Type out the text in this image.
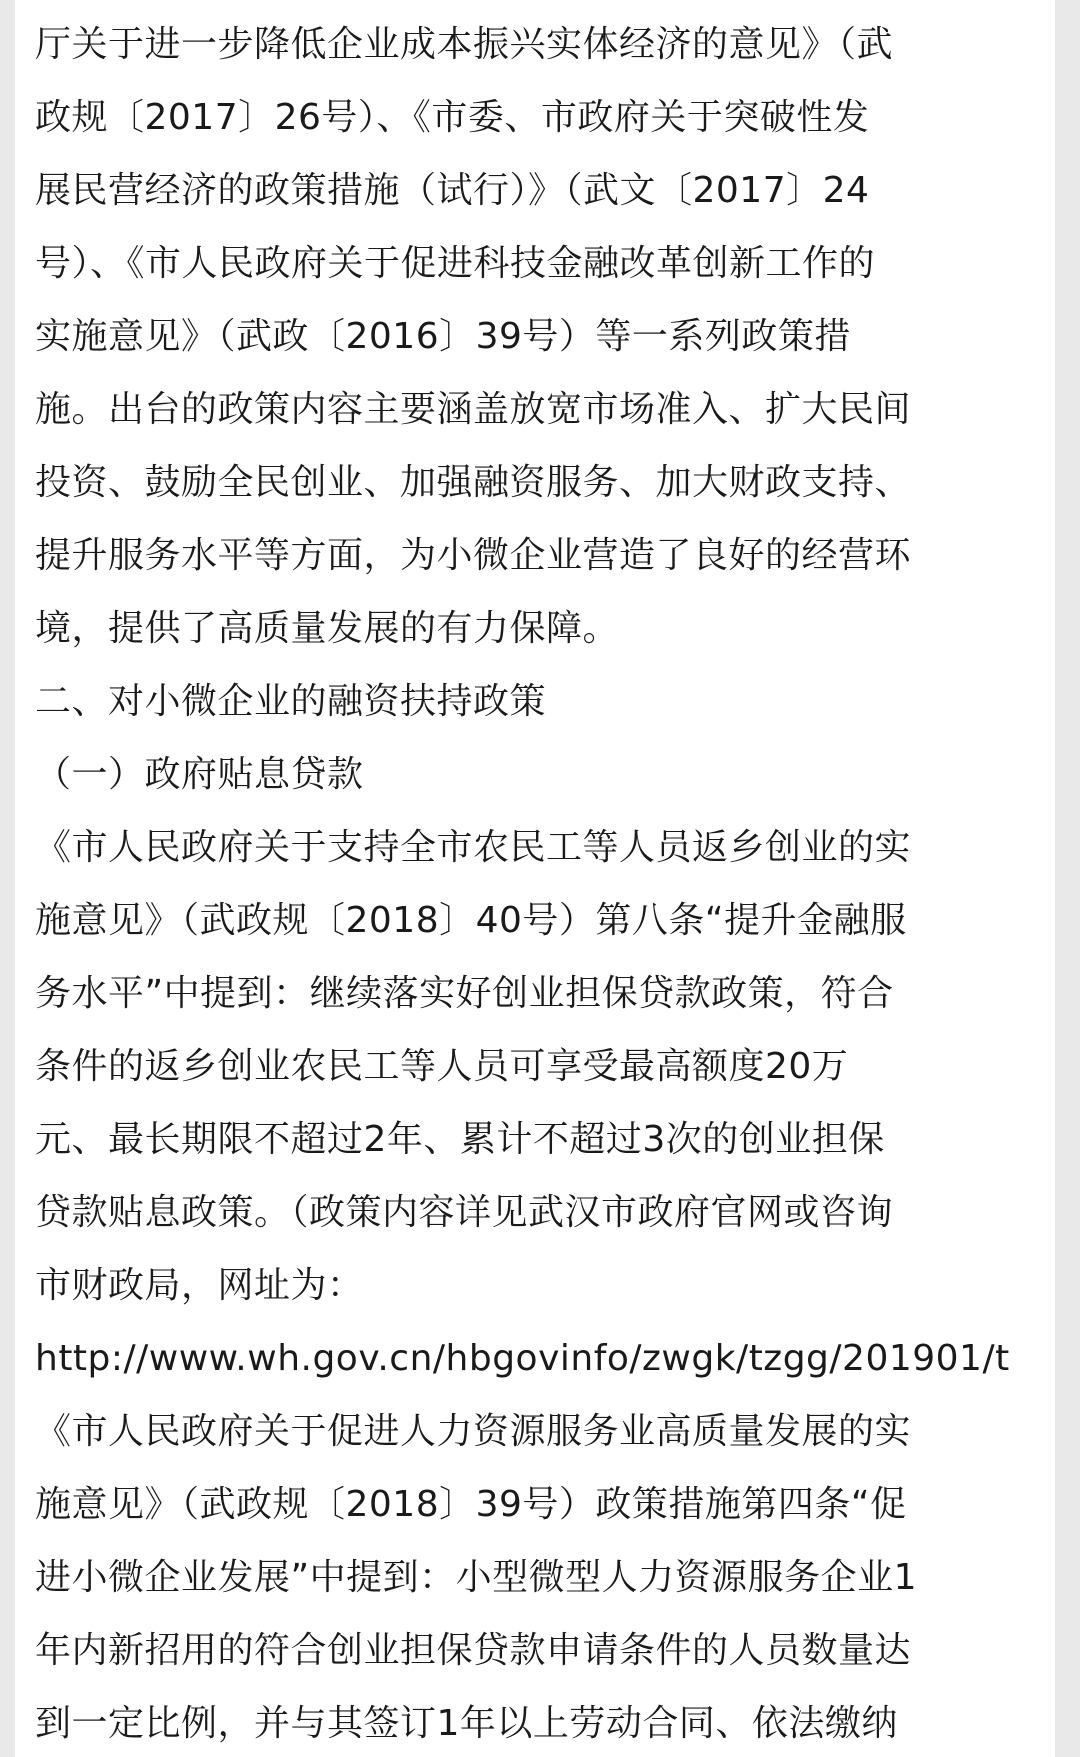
厅关于进一步降低企业成本振兴实体经济的意见》（武
政规〔2017〕26号）、《市委、市政府关于突破性发
展民营经济的政策措施（试行）》（武文〔2017〕24
号）、《市人民政府关于促进科技金融改革创新工作的
实施意见》（武政〔2016〕39号）等一系列政策措
施。出台的政策内容主要涵盖放宽市场准入、扩大民间
投资、鼓励全民创业、加强融资服务、加大财政支持、
提升服务水平等方面，为小微企业营造了良好的经营环
境，提供了高质量发展的有力保障。
二、对小微企业的融资扶持政策
（一）政府贴息贷款
《市人民政府关于支持全市农民工等人员返乡创业的实
施意见》（武政规〔2018〕40号）第八条“提升金融服
务水平”中提到：继续落实好创业担保贷款政策，符合
条件的返乡创业农民工等人员可享受最高额度20万
元、最长期限不超过2年、累计不超过3次的创业担保
贷款贴息政策。（政策内容详见武汉市政府官网或咨询
市财政局，网址为：
http://www.wh.gov.cn/hbgovinfo/zwgk/tzgg/201901/t
《市人民政府关于促进人力资源服务业高质量发展的实
施意见》（武政规〔2018〕39号）政策措施第四条“促
进小微企业发展”中提到：小型微型人力资源服务企业1
年内新招用的符合创业担保贷款申请条件的人员数量达
到一定比例，并与其签订1年以上劳动合同、依法缴纳
